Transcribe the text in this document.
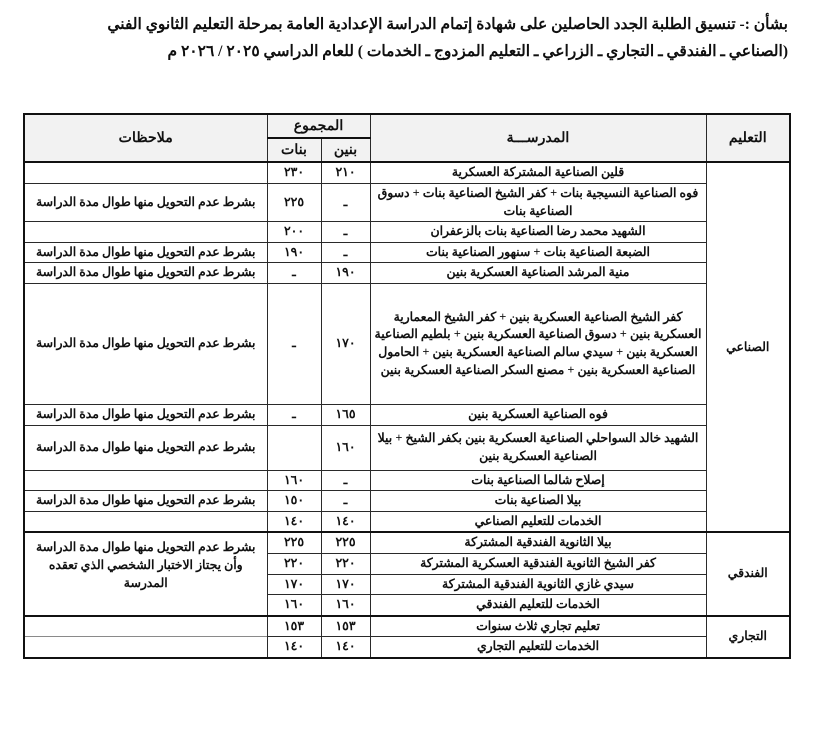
بشأن :- تنسيق الطلبة الجدد الحاصلين على شهادة إتمام الدراسة الإعدادية العامة بمرحلة التعليم الثانوي الفني
(الصناعي ـ الفندقي ـ التجاري ـ الزراعي ـ التعليم المزدوج ـ الخدمات ) للعام الدراسي ٢٠٢٥ / ٢٠٢٦ م
التعليم	المدرســـة	المجموع		ملاحظات
		بنين	بنات	
الصناعي	قلين الصناعية المشتركة العسكرية	٢١٠	٢٣٠	
	فوه الصناعية النسيجية بنات + كفر الشيخ الصناعية بنات + دسوق الصناعية بنات	ـ	٢٢٥	بشرط عدم التحويل منها طوال مدة الدراسة
	الشهيد محمد رضا الصناعية بنات بالزعفران	ـ	٢٠٠	
	الضبعة الصناعية بنات + سنهور الصناعية بنات	ـ	١٩٠	بشرط عدم التحويل منها طوال مدة الدراسة
	منية المرشد الصناعية العسكرية بنين	١٩٠	ـ	بشرط عدم التحويل منها طوال مدة الدراسة
	كفر الشيخ الصناعية العسكرية بنين + كفر الشيخ المعمارية العسكرية بنين + دسوق الصناعية العسكرية بنين + بلطيم الصناعية العسكرية بنين + سيدي سالم الصناعية العسكرية بنين + الحامول الصناعية العسكرية بنين + مصنع السكر الصناعية العسكرية بنين	١٧٠	ـ	بشرط عدم التحويل منها طوال مدة الدراسة
	فوه الصناعية العسكرية بنين	١٦٥	ـ	بشرط عدم التحويل منها طوال مدة الدراسة
	الشهيد خالد السواحلي الصناعية العسكرية بنين بكفر الشيخ + بيلا الصناعية العسكرية بنين	١٦٠		بشرط عدم التحويل منها طوال مدة الدراسة
	إصلاح شالما الصناعية بنات	ـ	١٦٠	
	بيلا الصناعية بنات	ـ	١٥٠	بشرط عدم التحويل منها طوال مدة الدراسة
	الخدمات للتعليم الصناعي	١٤٠	١٤٠	
الفندقي	بيلا الثانوية الفندقية المشتركة	٢٢٥	٢٢٥	بشرط عدم التحويل منها طوال مدة الدراسة وأن يجتاز الاختبار الشخصي الذي تعقده المدرسة
	كفر الشيخ الثانوية الفندقية العسكرية المشتركة	٢٢٠	٢٢٠	
	سيدي غازي الثانوية الفندقية المشتركة	١٧٠	١٧٠	
	الخدمات للتعليم الفندقي	١٦٠	١٦٠	
التجاري	تعليم تجاري ثلاث سنوات	١٥٣	١٥٣	
	الخدمات للتعليم التجاري	١٤٠	١٤٠	
